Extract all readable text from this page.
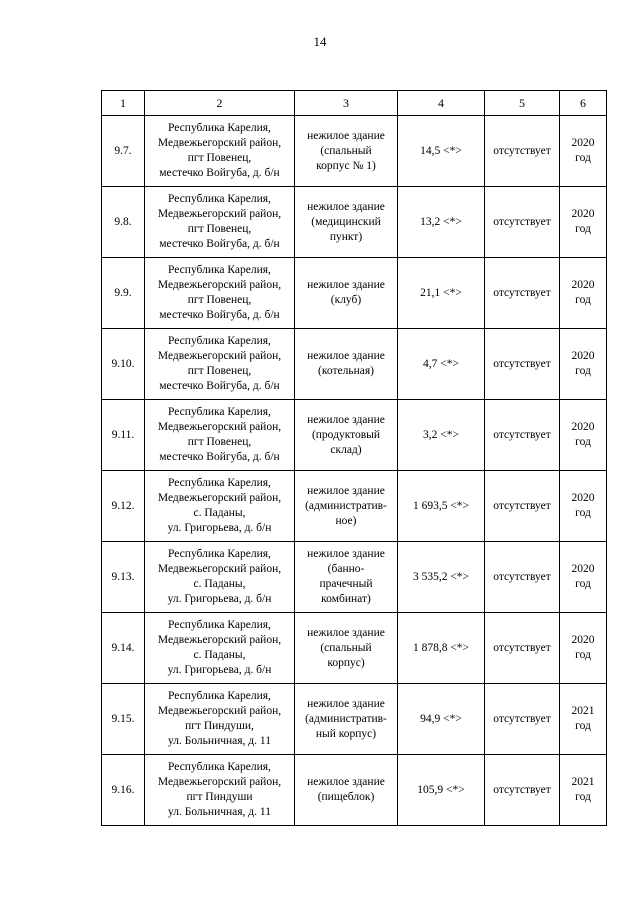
14
1	2	3	4	5	6
9.7.	Республика Карелия,
Медвежьегорский район,
пгт Повенец,
местечко Войгуба, д. б/н	нежилое здание
(спальный
корпус № 1)	14,5 <*>	отсутствует	2020
год
9.8.	Республика Карелия,
Медвежьегорский район,
пгт Повенец,
местечко Войгуба, д. б/н	нежилое здание
(медицинский
пункт)	13,2 <*>	отсутствует	2020
год
9.9.	Республика Карелия,
Медвежьегорский район,
пгт Повенец,
местечко Войгуба, д. б/н	нежилое здание
(клуб)	21,1 <*>	отсутствует	2020
год
9.10.	Республика Карелия,
Медвежьегорский район,
пгт Повенец,
местечко Войгуба, д. б/н	нежилое здание
(котельная)	4,7 <*>	отсутствует	2020
год
9.11.	Республика Карелия,
Медвежьегорский район,
пгт Повенец,
местечко Войгуба, д. б/н	нежилое здание
(продуктовый
склад)	3,2 <*>	отсутствует	2020
год
9.12.	Республика Карелия,
Медвежьегорский район,
с. Паданы,
ул. Григорьева, д. б/н	нежилое здание
(административ-
ное)	1 693,5 <*>	отсутствует	2020
год
9.13.	Республика Карелия,
Медвежьегорский район,
с. Паданы,
ул. Григорьева, д. б/н	нежилое здание
(банно-
прачечный
комбинат)	3 535,2 <*>	отсутствует	2020
год
9.14.	Республика Карелия,
Медвежьегорский район,
с. Паданы,
ул. Григорьева, д. б/н	нежилое здание
(спальный
корпус)	1 878,8 <*>	отсутствует	2020
год
9.15.	Республика Карелия,
Медвежьегорский район,
пгт Пиндуши,
ул. Больничная, д. 11	нежилое здание
(административ-
ный корпус)	94,9 <*>	отсутствует	2021
год
9.16.	Республика Карелия,
Медвежьегорский район,
пгт Пиндуши
ул. Больничная, д. 11	нежилое здание
(пищеблок)	105,9 <*>	отсутствует	2021
год
